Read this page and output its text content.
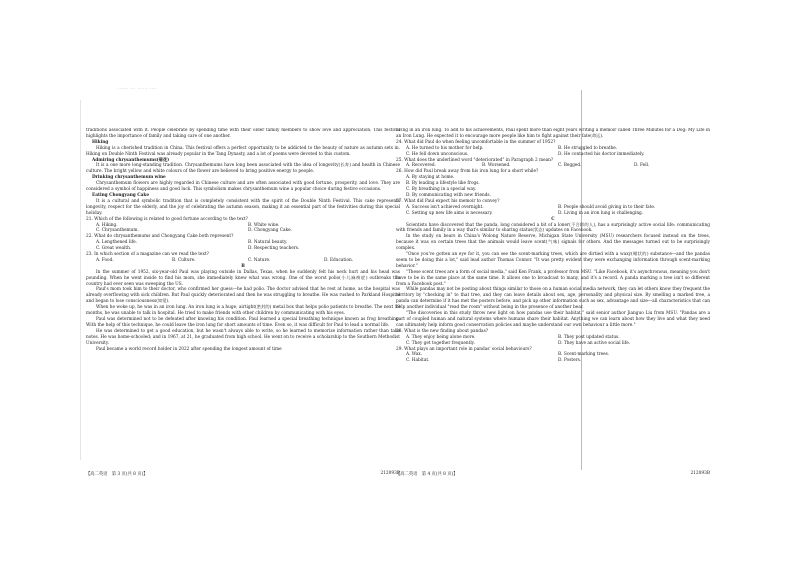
······ ··· ······ ····

traditions associated with it. People celebrate by spending time with their older family members to show love and appreciation. This festival highlights the importance of family and taking care of one another.

Hiking

Hiking is a cherished tradition in China. This festival offers a perfect opportunity to be addicted to the beauty of nature as autumn sets in. Hiking on Double Ninth Festival was already popular in the Tang Dynasty, and a lot of poems were devoted to this custom.

Admiring chrysanthemums(菊花)

It is a one more long-standing tradition. Chrysanthemums have long been associated with the idea of longevity(长寿) and health in Chinese culture. The bright yellow and white colours of the flower are believed to bring positive energy to people.

Drinking chrysanthemum wine

Chrysanthemum flowers are highly regarded in Chinese culture and are often associated with good fortune, prosperity, and love. They are considered a symbol of happiness and good luck. This symbolism makes chrysanthemum wine a popular choice during festive occasions.

Eating Chongyang Cake

It is a cultural and symbolic tradition that is completely consistent with the spirit of the Double Ninth Festival. This cake represents longevity, respect for the elderly, and the joy of celebrating the autumn season, making it an essential part of the festivities during this special holiday.

21. Which of the following is related to good fortune according to the text?

A. Hiking.	B. White wine.
C. Chrysanthemum.	D. Chongyang Cake.

22. What do chrysanthemums and Chongyang Cake both represent?

A. Lengthened life.	B. Natural beauty.
C. Great wealth.	D. Respecting teachers.

23. In which section of a magazine can we read the text?

A. Food.	B. Culture.	C. Nature.	D. Education.

B

In the summer of 1952, six-year-old Paul was playing outside in Dallas, Texas, when he suddenly felt his neck hurt and his head was pounding. When he went inside to find his mom, she immediately knew what was wrong. One of the worst polio(小儿麻痹症) outbreaks the country had ever seen was sweeping the US.

Paul's mom took him to their doctor, who confirmed her guess—he had polio. The doctor advised that he rest at home, as the hospital was already overflowing with sick children. But Paul quickly deteriorated and then he was struggling to breathe. He was rushed to Parkland Hospital and began to lose consciousness(知觉).

When he woke up, he was in an iron lung. An iron lung is a huge, airtight(密封的) metal box that helps polio patients to breathe. The next 18 months, he was unable to talk in hospital. He tried to make friends with other children by communicating with his eyes.

Paul was determined not to be defeated after knowing his condition. Paul learned a special breathing technique known as frog breathing. With the help of this technique, he could leave the iron lung for short amounts of time. Even so, it was difficult for Paul to lead a normal life.

He was determined to get a good education, but he wasn't always able to write, so he learned to memorize information rather than take notes. He was home-schooled; and in 1967, at 21, he graduated from high school. He went on to receive a scholarship to the Southern Methodist University.

Paul became a world record holder in 2022 after spending the longest amount of time

living in an iron lung. To add to his achievements, Paul spent more than eight years writing a memoir called Three Minutes for a Dog: My Life in an Iron Lung. He expected it to encourage more people like him to fight against their fate(命运).

24. What did Paul do when feeling uncomfortable in the summer of 1952?

A. He turned to his mother for help.	B. He struggled to breathe.
C. He fell down unconscious.	D. He contacted his doctor immediately.

25. What does the underlined word "deteriorated" in Paragraph 2 mean?

A. Recovered.	B. Worsened.	C. Begged.	D. Fell.

26. How did Paul break away from his iron lung for a short while?

A. By staying at home.
B. By leading a lifestyle like frogs.
C. By breathing in a special way.
D. By communicating with new friends.

27. What did Paul expect his memoir to convey?

A. Success isn't achieved overnight.	B. People should avoid giving in to their fate.
C. Setting up new life aims is necessary.	D. Living in an iron lung is challenging.

C

Scientists have discovered that the panda, long considered a bit of a loner(不合群的人), has a surprisingly active social life: communicating with friends and family in a way that's similar to sharing status(状态) updates on Facebook.

In the study on bears in China's Wolong Nature Reserve, Michigan State University (MSU) researchers focused instead on the trees, because it was on certain trees that the animals would leave scent(气味) signals for others. And the messages turned out to be surprisingly complex.

"Once you've gotten an eye for it, you can see the scent-marking trees, which are dirtied with a waxy(蜡状的) substance—and the pandas seem to be doing this a lot," said lead author Thomas Connor. "It was pretty evident they were exchanging information through scent-marking behavior."

"These scent trees are a form of social media," said Ken Frank, a professor from MSU. "Like Facebook, it's asynchronous, meaning you don't have to be in the same place at the same time. It allows one to broadcast to many, and it's a record. A panda marking a tree isn't so different from a Facebook post."

While pandas may not be posting about things similar to those on a human social media network, they can let others know they frequent the territory by "checking in" to that tree, and they can leave details about sex, age, personality and physical size. By smelling a marked tree, a panda can determine if it has met the posters before, and pick up other information such as sex, advantage and size—all characteristics that can help another individual "read the room" without being in the presence of another bear.

"The discoveries in this study throw new light on how pandas use their habitat," said senior author Jianguo Liu from MSU. "Pandas are a part of coupled human and natural systems where humans share their habitat. Anything we can learn about how they live and what they need can ultimately help inform good conservation policies and maybe understand our own behaviour a little more."

28. What is the new finding about pandas?

A. They enjoy being alone more.	B. They post updated status.
C. They get together frequently.	D. They have an active social life.

29. What plays an important role in pandas' social behaviours?

A. Wax.	B. Scent-marking trees.
C. Habitat.	D. Posters.
【高二英语　第 3 页(共 8 页)】	212093B
【高二英语　第 4 页(共 8 页)】	212093B
